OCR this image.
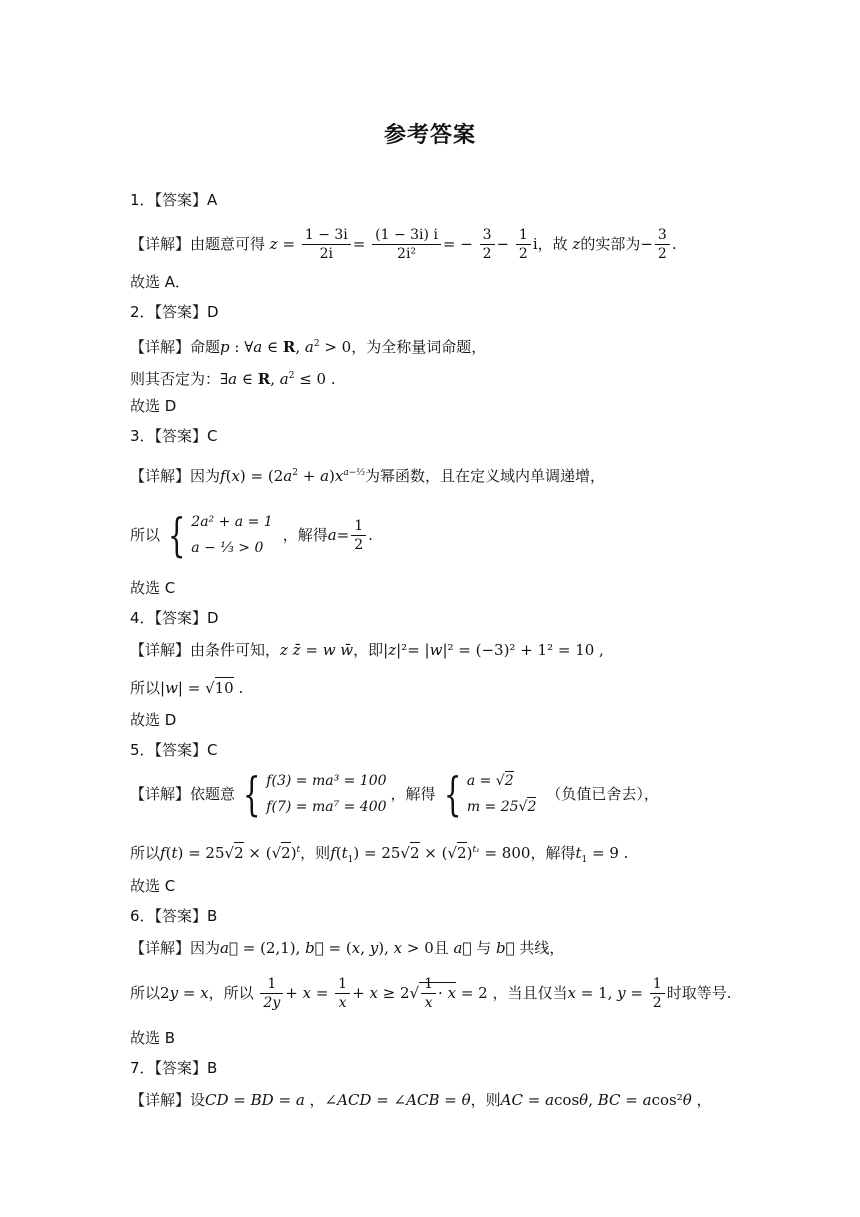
参考答案
1．【答案】A
【详解】由题意可得 $z = \frac{1 - 3i}{2i} = \frac{(1 - 3i) i}{\text{2i²}}$ = − $\frac{3}{2} - \frac{1}{2}$ i，故 z的实部为− $\frac{3}{2}$ .
故选 A．
2．【答案】D
【详解】命题p : ∀a ∈ R, $a^2 > 0$，为全称量词命题，
则其否定为：∃a ∈ R, $a^2 \le 0$ .
故选 D
3．【答案】C
【详解】因为$f(x) = (2a^2 + a)x^{a-\frac{1}{3}}$为幂函数，且在定义域内单调递增，
所以 { 2a² + a = 1
a − ⅓ > 0
，解得 $a = \frac{1}{2}$ .
故选 C
4．【答案】D
【详解】由条件可知，z z̄ = w w̄，即|z|²= |w|² = (−3)² + 1² = 10 ,
所以|w| = √10 .
故选 D
5．【答案】C
【详解】依题意 { f(3) = ma³ = 100
f(7) = ma⁷ = 400
，解得 { a = √2
m = 25√2
（负值已舍去），
所以$f(t) = 25√2 \times (√2)^t$，则$f(t_1) = 25√2 \times (√2)^{t_1} = 800$，解得$t_1 = 9$ .
故选 C
6．【答案】B
【详解】因为a⃗ = (2,1), b⃗ = (x, y), x > 0且 a⃗ 与 b⃗ 共线，
所以2y = x，所以 $\frac{1}{2y} + x = \frac{1}{x} + x \ge 2√ \frac{1}{x} \cdot x = 2$ ，当且仅当x = 1, $y = \frac{1}{2}$ 时取等号.
故选 B
7．【答案】B
【详解】设CD = BD = a ，∠ACD = ∠ACB = θ，则AC = acosθ, BC = acos²θ ，
